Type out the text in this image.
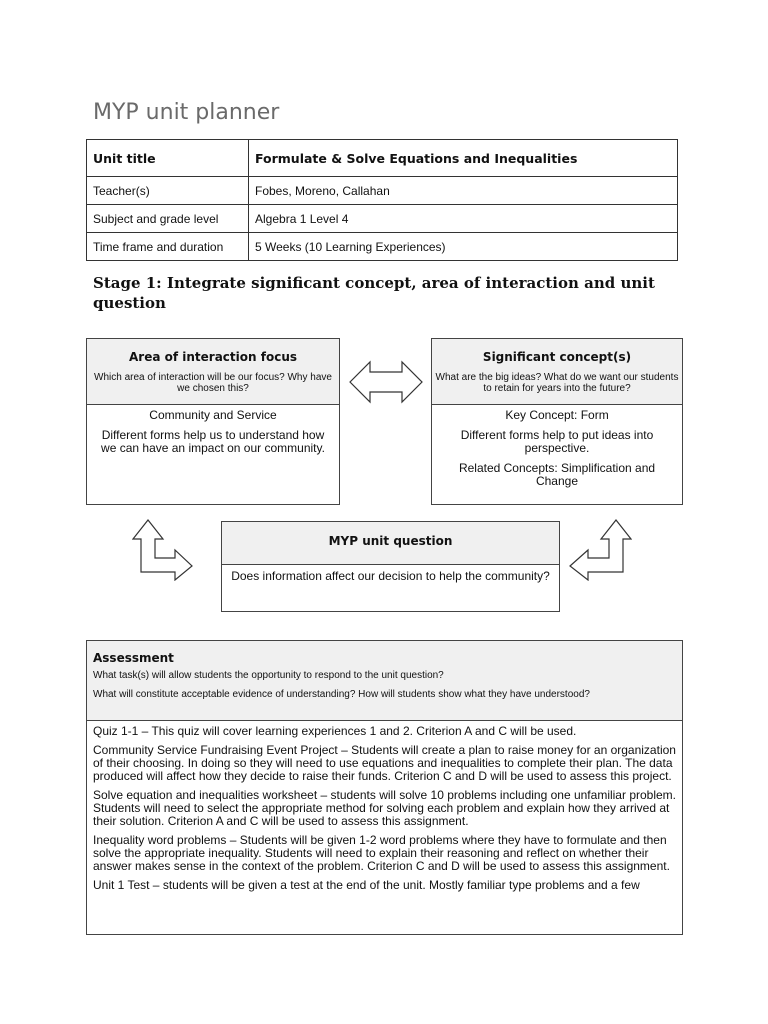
MYP unit planner
Unit title	Formulate & Solve Equations and Inequalities
Teacher(s)	Fobes, Moreno, Callahan
Subject and grade level	Algebra 1 Level 4
Time frame and duration	5 Weeks (10 Learning Experiences)
Stage 1: Integrate significant concept, area of interaction and unit question
Area of interaction focus
Which area of interaction will be our focus? Why have we chosen this?

Community and Service

Different forms help us to understand how we can have an impact on our community.

Significant concept(s)
What are the big ideas? What do we want our students to retain for years into the future?

Key Concept: Form

Different forms help to put ideas into perspective.

Related Concepts: Simplification and Change

MYP unit question

Does information affect our decision to help the community?

Assessment
What task(s) will allow students the opportunity to respond to the unit question?
What will constitute acceptable evidence of understanding? How will students show what they have understood?

Quiz 1-1 – This quiz will cover learning experiences 1 and 2. Criterion A and C will be used.

Community Service Fundraising Event Project – Students will create a plan to raise money for an organization of their choosing. In doing so they will need to use equations and inequalities to complete their plan. The data produced will affect how they decide to raise their funds. Criterion C and D will be used to assess this project.

Solve equation and inequalities worksheet – students will solve 10 problems including one unfamiliar problem. Students will need to select the appropriate method for solving each problem and explain how they arrived at their solution. Criterion A and C will be used to assess this assignment.

Inequality word problems – Students will be given 1-2 word problems where they have to formulate and then solve the appropriate inequality. Students will need to explain their reasoning and reflect on whether their answer makes sense in the context of the problem. Criterion C and D will be used to assess this assignment.

Unit 1 Test – students will be given a test at the end of the unit. Mostly familiar type problems and a few
